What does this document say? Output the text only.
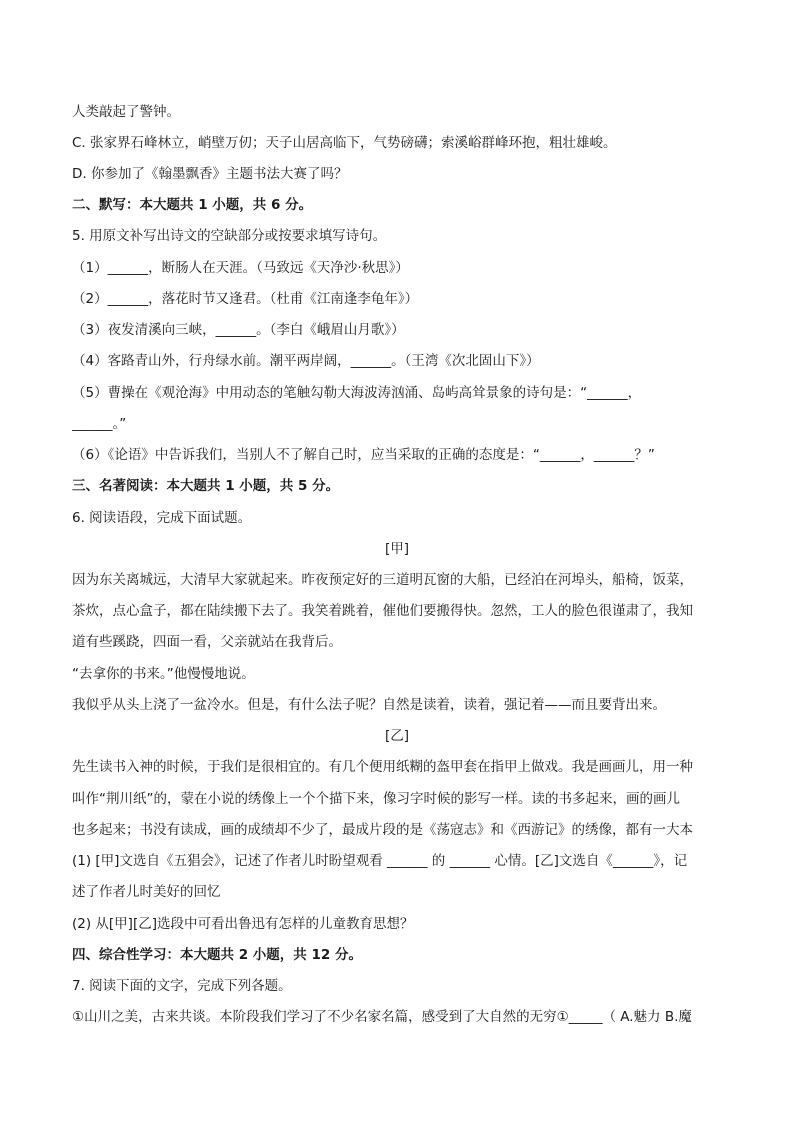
人类敲起了警钟。
C. 张家界石峰林立，峭壁万仞；天子山居高临下，气势磅礴；索溪峪群峰环抱，粗壮雄峻。
D. 你参加了《翰墨飘香》主题书法大赛了吗？
二、默写：本大题共 1 小题，共 6 分。
5. 用原文补写出诗文的空缺部分或按要求填写诗句。
（1）______，断肠人在天涯。（马致远《天净沙·秋思》）
（2）______，落花时节又逢君。（杜甫《江南逢李龟年》）
（3）夜发清溪向三峡，______。（李白《峨眉山月歌》）
（4）客路青山外，行舟绿水前。潮平两岸阔，______。（王湾《次北固山下》）
（5）曹操在《观沧海》中用动态的笔触勾勒大海波涛汹涌、岛屿高耸景象的诗句是：“______，
______。”
（6）《论语》中告诉我们，当别人不了解自己时，应当采取的正确的态度是：“______，______？”
三、名著阅读：本大题共 1 小题，共 5 分。
6. 阅读语段，完成下面试题。
[甲]
因为东关离城远，大清早大家就起来。昨夜预定好的三道明瓦窗的大船，已经泊在河埠头，船椅，饭菜，
茶炊，点心盒子，都在陆续搬下去了。我笑着跳着，催他们要搬得快。忽然，工人的脸色很谨肃了，我知
道有些蹊跷，四面一看，父亲就站在我背后。
“去拿你的书来。”他慢慢地说。
我似乎从头上浇了一盆冷水。但是，有什么法子呢？自然是读着，读着，强记着——而且要背出来。
[乙]
先生读书入神的时候，于我们是很相宜的。有几个便用纸糊的盔甲套在指甲上做戏。我是画画儿，用一种
叫作“荆川纸”的，蒙在小说的绣像上一个个描下来，像习字时候的影写一样。读的书多起来，画的画儿
也多起来；书没有读成，画的成绩却不少了，最成片段的是《荡寇志》和《西游记》的绣像，都有一大本
(1) [甲]文选自《五猖会》，记述了作者儿时盼望观看 ______ 的 ______ 心情。[乙]文选自《______》，记
述了作者儿时美好的回忆
(2) 从[甲][乙]选段中可看出鲁迅有怎样的儿童教育思想？
四、综合性学习：本大题共 2 小题，共 12 分。
7. 阅读下面的文字，完成下列各题。
①山川之美，古来共谈。本阶段我们学习了不少名家名篇，感受到了大自然的无穷①_____（ A.魅力 B.魔
